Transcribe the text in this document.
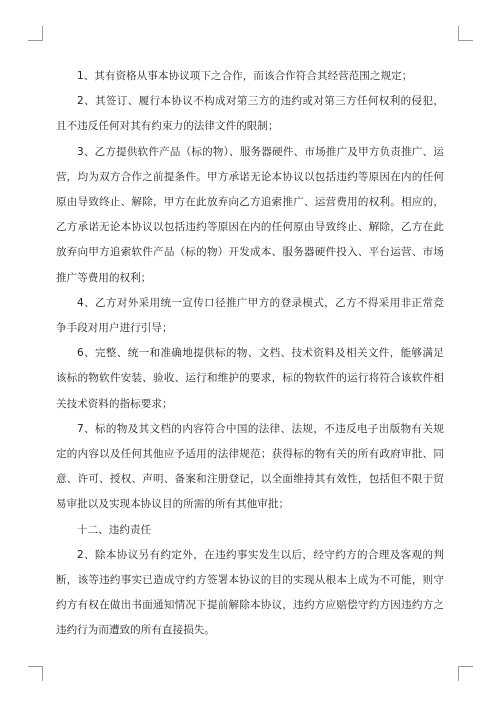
1、其有资格从事本协议项下之合作，而该合作符合其经营范围之规定；

2、其签订、履行本协议不构成对第三方的违约或对第三方任何权利的侵犯，且不违反任何对其有约束力的法律文件的限制；

3、乙方提供软件产品（标的物）、服务器硬件、市场推广及甲方负责推广、运营，均为双方合作之前提条件。甲方承诺无论本协议以包括违约等原因在内的任何原由导致终止、解除，甲方在此放弃向乙方追索推广、运营费用的权利。相应的，乙方承诺无论本协议以包括违约等原因在内的任何原由导致终止、解除，乙方在此放弃向甲方追索软件产品（标的物）开发成本、服务器硬件投入、平台运营、市场推广等费用的权利；

4、乙方对外采用统一宣传口径推广甲方的登录模式，乙方不得采用非正常竞争手段对用户进行引导；

6、完整、统一和准确地提供标的物、文档、技术资料及相关文件，能够满足该标的物软件安装、验收、运行和维护的要求，标的物软件的运行将符合该软件相关技术资料的指标要求；

7、标的物及其文档的内容符合中国的法律、法规，不违反电子出版物有关规定的内容以及任何其他应予适用的法律规范；获得标的物有关的所有政府审批、同意、许可、授权、声明、备案和注册登记，以全面维持其有效性，包括但不限于贸易审批以及实现本协议目的所需的所有其他审批；

十二、违约责任

2、除本协议另有约定外，在违约事实发生以后，经守约方的合理及客观的判断，该等违约事实已造成守约方签署本协议的目的实现从根本上成为不可能，则守约方有权在做出书面通知情况下提前解除本协议，违约方应赔偿守约方因违约方之违约行为而遭致的所有直接损失。
